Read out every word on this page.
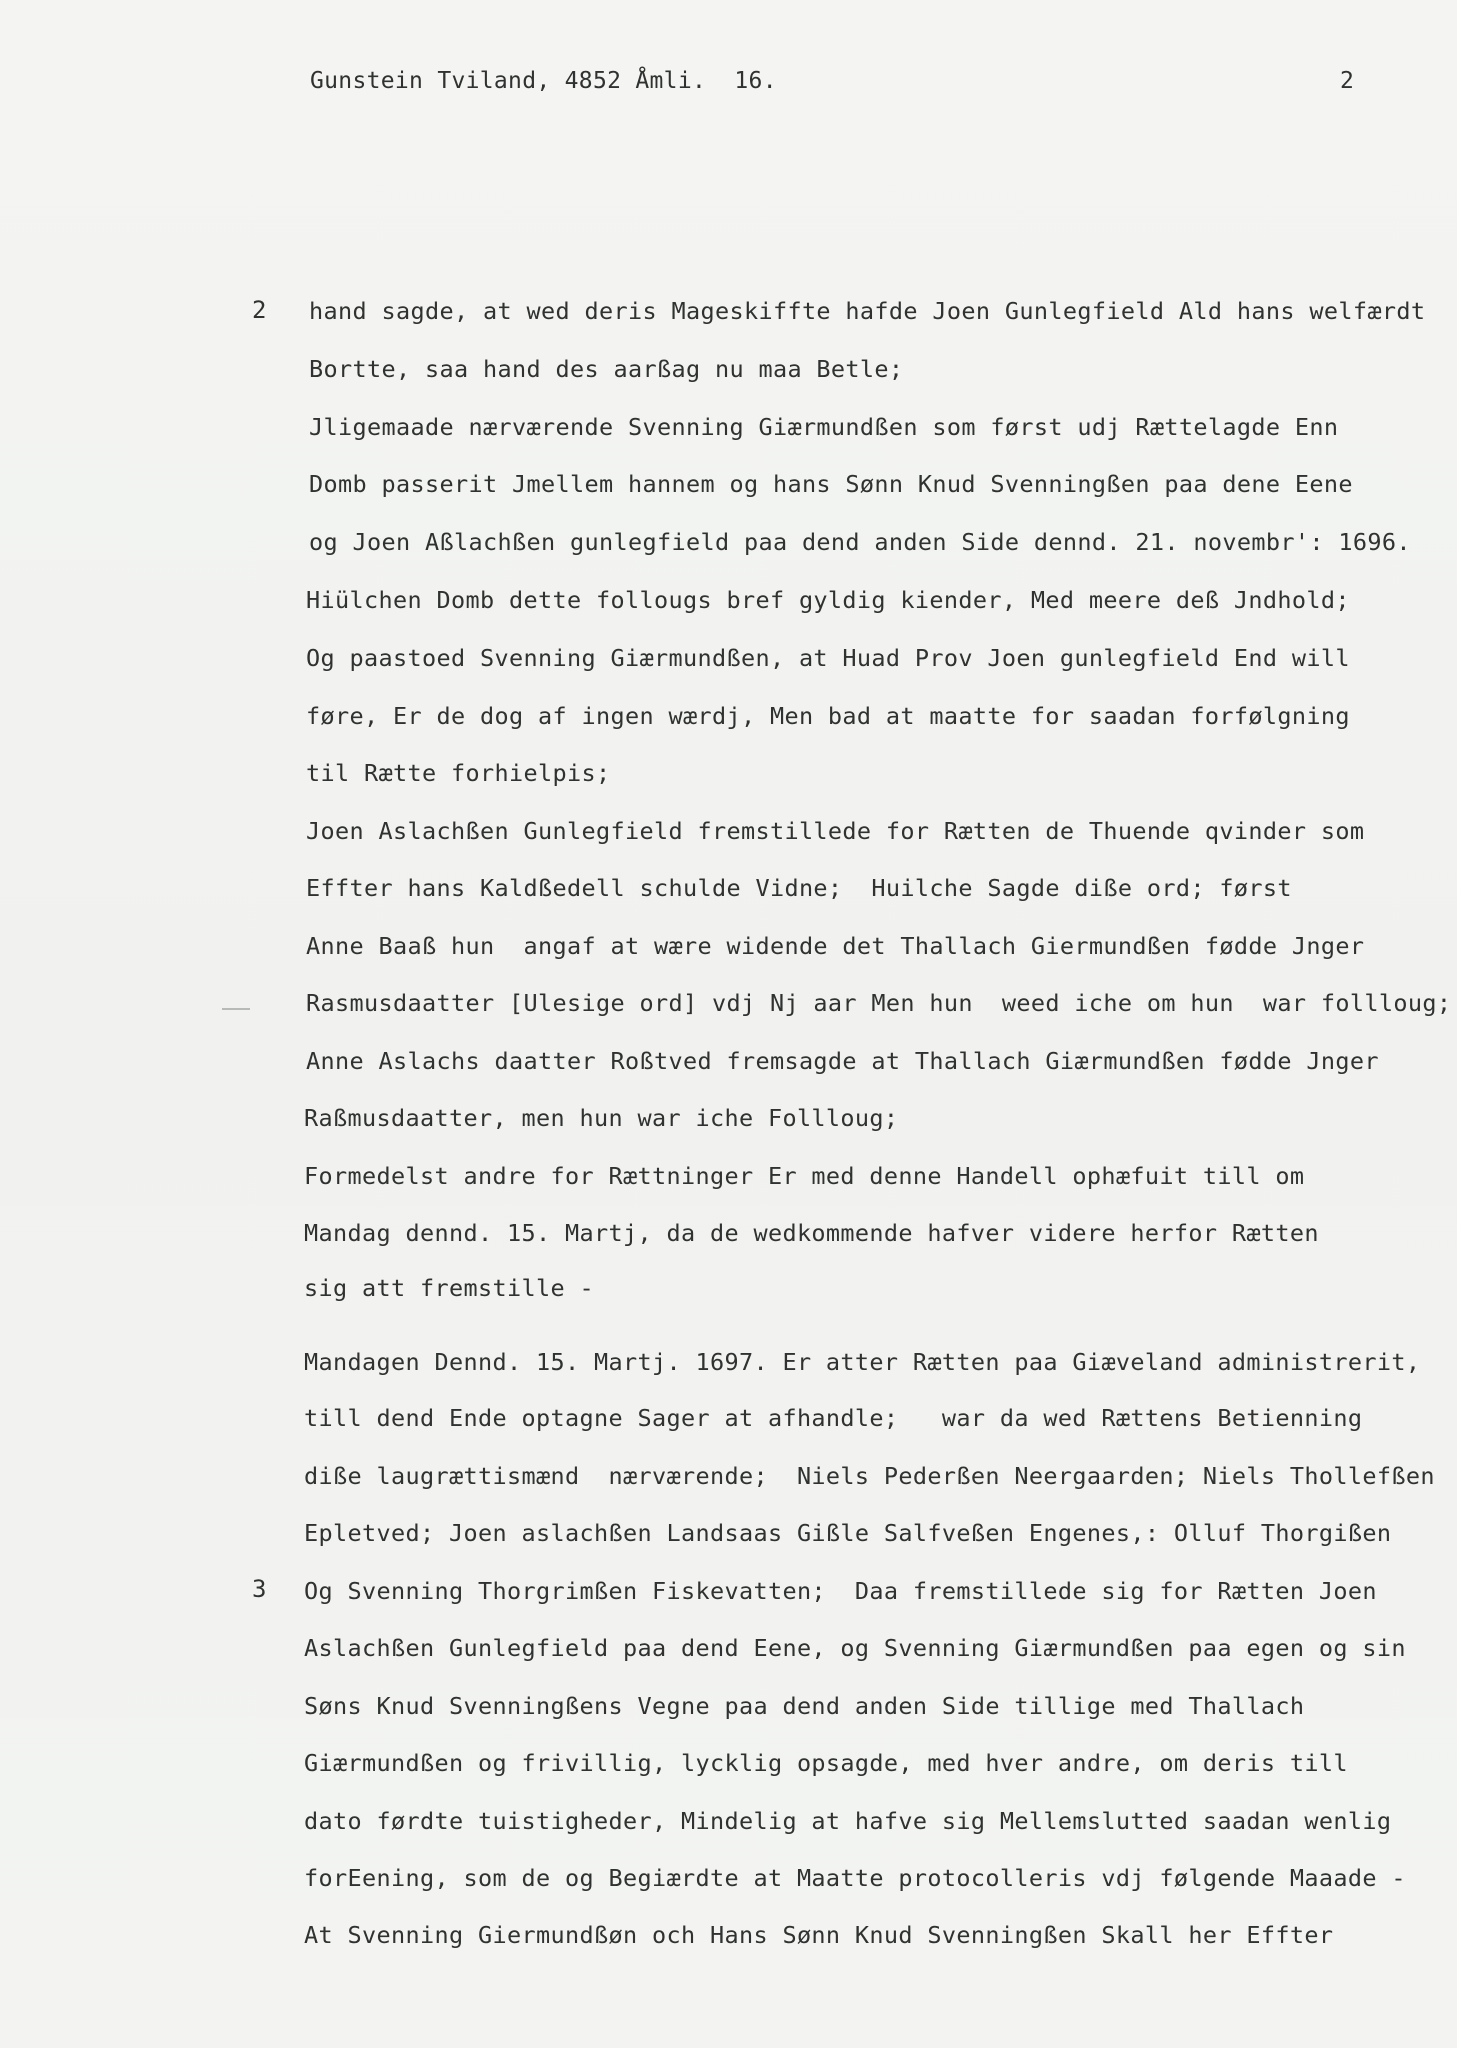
Gunstein Tviland, 4852 Åmli.  16.	2
2
3
hand sagde, at wed deris Mageskiffte hafde Joen Gunlegfield Ald hans welfærdt
Bortte, saa hand des aarßag nu maa Betle;
Jligemaade nærværende Svenning Giærmundßen som først udj Rættelagde Enn
Domb passerit Jmellem hannem og hans Sønn Knud Svenningßen paa dene Eene
og Joen Aßlachßen gunlegfield paa dend anden Side dennd. 21. novembr': 1696.
Hiülchen Domb dette follougs bref gyldig kiender, Med meere deß Jndhold;
Og paastoed Svenning Giærmundßen, at Huad Prov Joen gunlegfield End will
føre, Er de dog af ingen wærdj, Men bad at maatte for saadan forfølgning
til Rætte forhielpis;
Joen Aslachßen Gunlegfield fremstillede for Rætten de Thuende qvinder som
Effter hans Kaldßedell schulde Vidne;  Huilche Sagde diße ord; først
Anne Baaß hun  angaf at wære widende det Thallach Giermundßen fødde Jnger
Rasmusdaatter [Ulesige ord] vdj Nj aar Men hun  weed iche om hun  war follloug;
Anne Aslachs daatter Roßtved fremsagde at Thallach Giærmundßen fødde Jnger
Raßmusdaatter, men hun war iche Follloug;
Formedelst andre for Rættninger Er med denne Handell ophæfuit till om
Mandag dennd. 15. Martj, da de wedkommende hafver videre herfor Rætten
sig att fremstille -
Mandagen Dennd. 15. Martj. 1697. Er atter Rætten paa Giæveland administrerit,
till dend Ende optagne Sager at afhandle;   war da wed Rættens Betienning
diße laugrættismænd  nærværende;  Niels Pederßen Neergaarden; Niels Thollefßen
Epletved; Joen aslachßen Landsaas Gißle Salfveßen Engenes,: Olluf Thorgißen
Og Svenning Thorgrimßen Fiskevatten;  Daa fremstillede sig for Rætten Joen
Aslachßen Gunlegfield paa dend Eene, og Svenning Giærmundßen paa egen og sin
Søns Knud Svenningßens Vegne paa dend anden Side tillige med Thallach
Giærmundßen og frivillig, lycklig opsagde, med hver andre, om deris till
dato førdte tuistigheder, Mindelig at hafve sig Mellemslutted saadan wenlig
forEening, som de og Begiærdte at Maatte protocolleris vdj følgende Maaade -
At Svenning Giermundßøn och Hans Sønn Knud Svenningßen Skall her Effter
